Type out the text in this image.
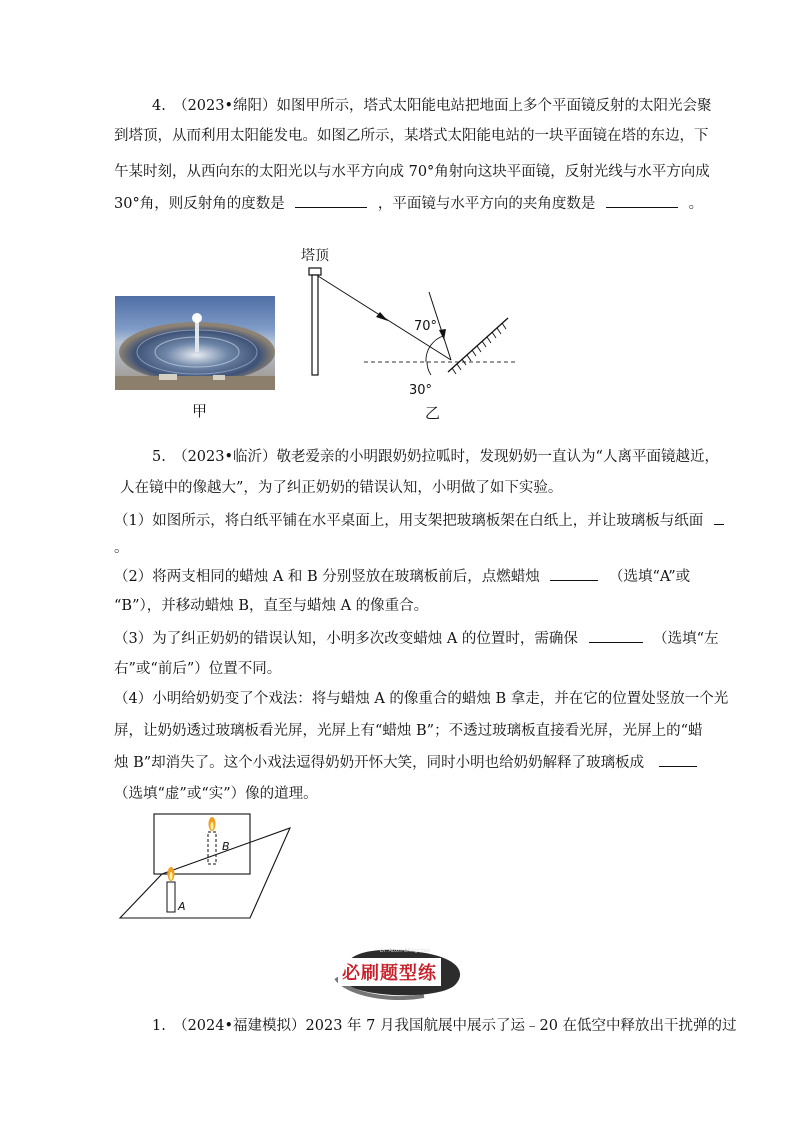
4.　（2023•绵阳）如图甲所示，塔式太阳能电站把地面上多个平面镜反射的太阳光会聚
到塔顶，从而利用太阳能发电。如图乙所示，某塔式太阳能电站的一块平面镜在塔的东边，下
午某时刻，从西向东的太阳光以与水平方向成 70°角射向这块平面镜，反射光线与水平方向成
30°角，则反射角的度数是	，平面镜与水平方向的夹角度数是	。
甲
塔顶
70°
30°
乙
5.　（2023•临沂）敬老爱亲的小明跟奶奶拉呱时，发现奶奶一直认为“人离平面镜越近，
人在镜中的像越大”，为了纠正奶奶的错误认知，小明做了如下实验。
（1）如图所示，将白纸平铺在水平桌面上，用支架把玻璃板架在白纸上，并让玻璃板与纸面
。
（2）将两支相同的蜡烛 A 和 B 分别竖放在玻璃板前后，点燃蜡烛	（选填“A”或
“B”），并移动蜡烛 B，直至与蜡烛 A 的像重合。
（3）为了纠正奶奶的错误认知，小明多次改变蜡烛 A 的位置时，需确保	（选填“左
右”或“前后”）位置不同。
（4）小明给奶奶变了个戏法：将与蜡烛 A 的像重合的蜡烛 B 拿走，并在它的位置处竖放一个光
屏，让奶奶透过玻璃板看光屏，光屏上有“蜡烛 B”；不透过玻璃板直接看光屏，光屏上的“蜡
烛 B”却消失了。这个小戏法逗得奶奶开怀大笑，同时小明也给奶奶解释了玻璃板成
（选填“虚”或“实”）像的道理。
B
A
Dr. Aoxin Ellingchao
必刷题型练
1.　（2024•福建模拟）2023 年 7 月我国航展中展示了运﹣20 在低空中释放出干扰弹的过
